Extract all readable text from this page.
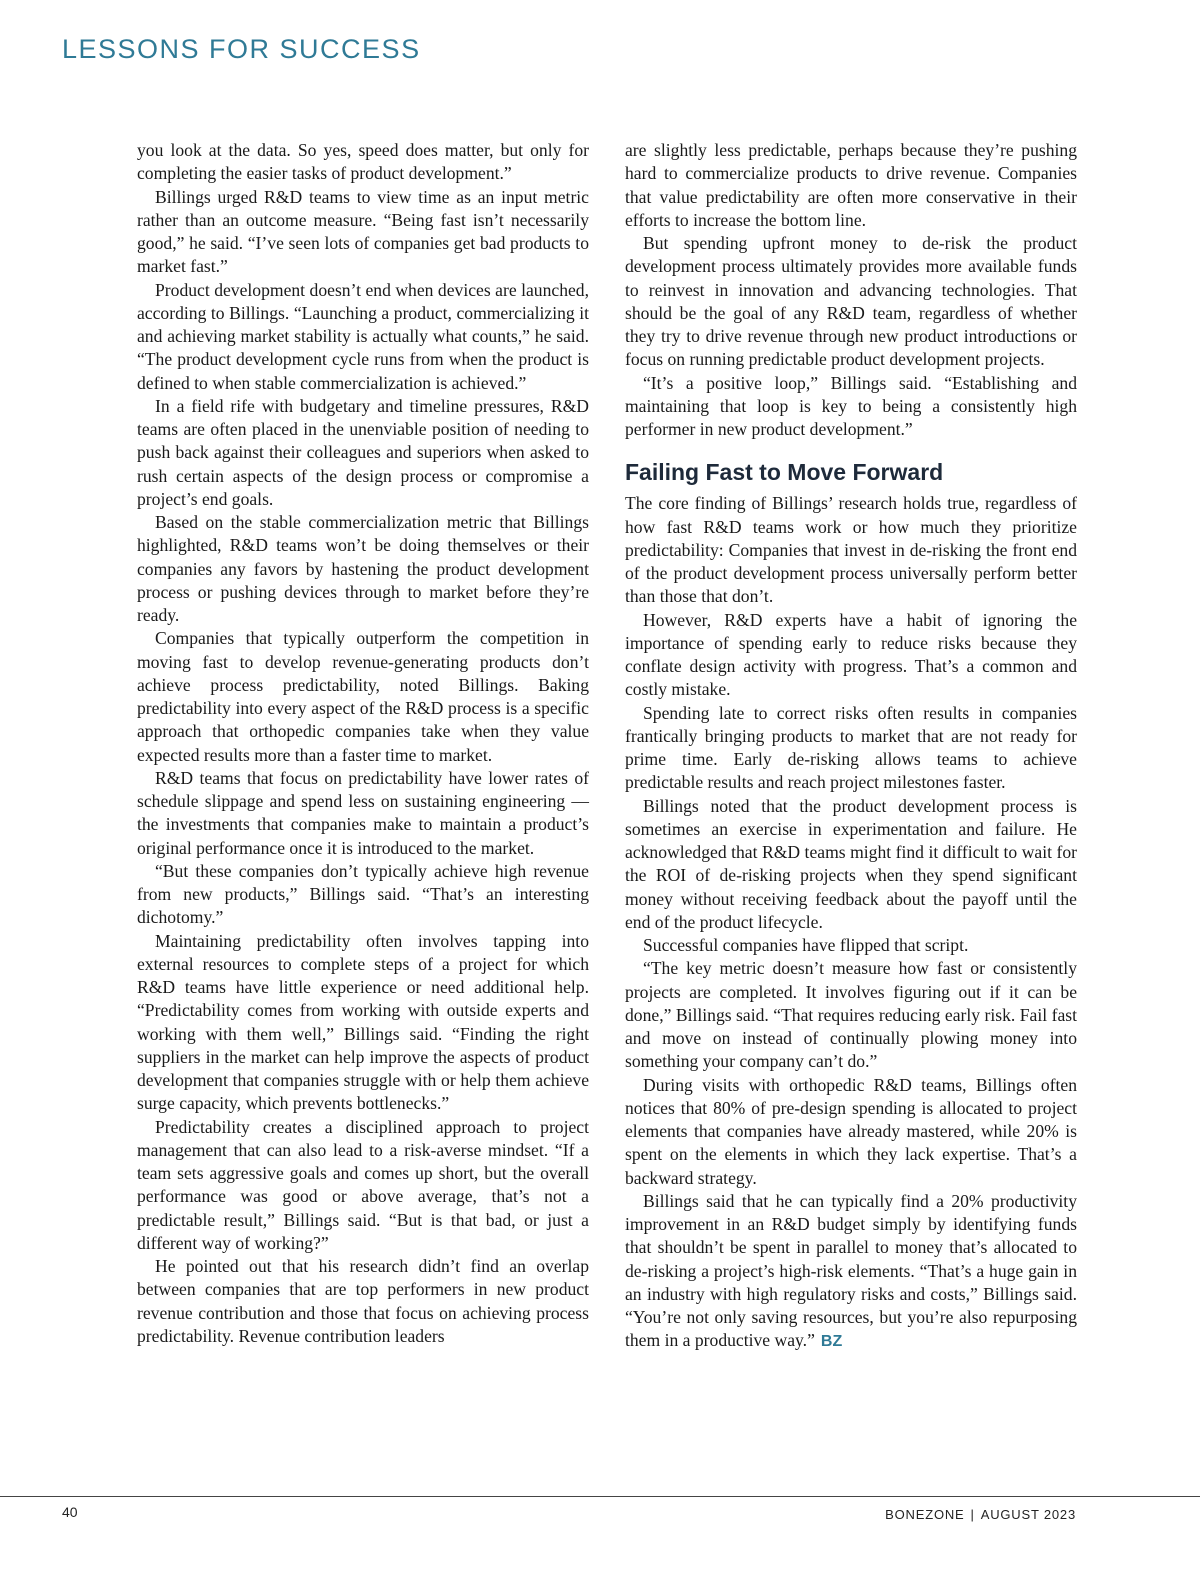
LESSONS FOR SUCCESS

you look at the data. So yes, speed does matter, but only for completing the easier tasks of product development.”

Billings urged R&D teams to view time as an input metric rather than an outcome measure. “Being fast isn’t necessarily good,” he said. “I’ve seen lots of companies get bad products to market fast.”

Product development doesn’t end when devices are launched, according to Billings. “Launching a product, commercializing it and achieving market stability is actually what counts,” he said. “The product development cycle runs from when the product is defined to when stable commercialization is achieved.”

In a field rife with budgetary and timeline pressures, R&D teams are often placed in the unenviable position of needing to push back against their colleagues and superiors when asked to rush certain aspects of the design process or compromise a project’s end goals.

Based on the stable commercialization metric that Billings highlighted, R&D teams won’t be doing themselves or their companies any favors by hastening the product development process or pushing devices through to market before they’re ready.

Companies that typically outperform the competition in moving fast to develop revenue-generating products don’t achieve process predictability, noted Billings. Baking predictability into every aspect of the R&D process is a specific approach that orthopedic companies take when they value expected results more than a faster time to market.

R&D teams that focus on predictability have lower rates of schedule slippage and spend less on sustaining engineering — the investments that companies make to maintain a product’s original performance once it is introduced to the market.

“But these companies don’t typically achieve high revenue from new products,” Billings said. “That’s an interesting dichotomy.”

Maintaining predictability often involves tapping into external resources to complete steps of a project for which R&D teams have little experience or need additional help. “Predictability comes from working with outside experts and working with them well,” Billings said. “Finding the right suppliers in the market can help improve the aspects of product development that companies struggle with or help them achieve surge capacity, which prevents bottlenecks.”

Predictability creates a disciplined approach to project management that can also lead to a risk-averse mindset. “If a team sets aggressive goals and comes up short, but the overall performance was good or above average, that’s not a predictable result,” Billings said. “But is that bad, or just a different way of working?”

He pointed out that his research didn’t find an overlap between companies that are top performers in new product revenue contribution and those that focus on achieving process predictability. Revenue contribution leaders

are slightly less predictable, perhaps because they’re pushing hard to commercialize products to drive revenue. Companies that value predictability are often more conservative in their efforts to increase the bottom line.

But spending upfront money to de-risk the product development process ultimately provides more available funds to reinvest in innovation and advancing technologies. That should be the goal of any R&D team, regardless of whether they try to drive revenue through new product introductions or focus on running predictable product development projects.

“It’s a positive loop,” Billings said. “Establishing and maintaining that loop is key to being a consistently high performer in new product development.”

Failing Fast to Move Forward

The core finding of Billings’ research holds true, regardless of how fast R&D teams work or how much they prioritize predictability: Companies that invest in de-risking the front end of the product development process universally perform better than those that don’t.

However, R&D experts have a habit of ignoring the importance of spending early to reduce risks because they conflate design activity with progress. That’s a common and costly mistake.

Spending late to correct risks often results in companies frantically bringing products to market that are not ready for prime time. Early de-risking allows teams to achieve predictable results and reach project milestones faster.

Billings noted that the product development process is sometimes an exercise in experimentation and failure. He acknowledged that R&D teams might find it difficult to wait for the ROI of de-risking projects when they spend significant money without receiving feedback about the payoff until the end of the product lifecycle.

Successful companies have flipped that script.

“The key metric doesn’t measure how fast or consistently projects are completed. It involves figuring out if it can be done,” Billings said. “That requires reducing early risk. Fail fast and move on instead of continually plowing money into something your company can’t do.”

During visits with orthopedic R&D teams, Billings often notices that 80% of pre-design spending is allocated to project elements that companies have already mastered, while 20% is spent on the elements in which they lack expertise. That’s a backward strategy.

Billings said that he can typically find a 20% productivity improvement in an R&D budget simply by identifying funds that shouldn’t be spent in parallel to money that’s allocated to de-risking a project’s high-risk elements. “That’s a huge gain in an industry with high regulatory risks and costs,” Billings said. “You’re not only saving resources, but you’re also repurposing them in a productive way.” BZ

40	BONEZONE | AUGUST 2023
